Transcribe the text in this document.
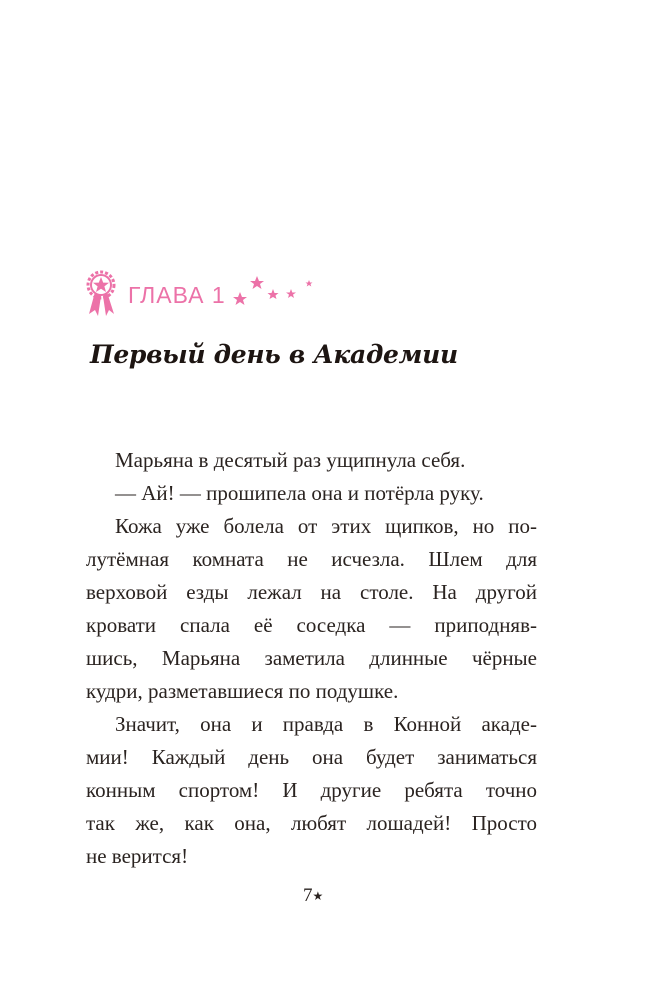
ГЛАВА 1
Первый день в Академии
Марьяна в десятый раз ущипнула себя.
— Ай! — прошипела она и потёрла руку.
Кожа уже болела от этих щипков, но по-
лутёмная комната не исчезла. Шлем для
верховой езды лежал на столе. На другой
кровати спала её соседка — приподняв-
шись, Марьяна заметила длинные чёрные
кудри, разметавшиеся по подушке.
Значит, она и правда в Конной акаде-
мии! Каждый день она будет заниматься
конным спортом! И другие ребята точно
так же, как она, любят лошадей! Просто
не верится!
7★
